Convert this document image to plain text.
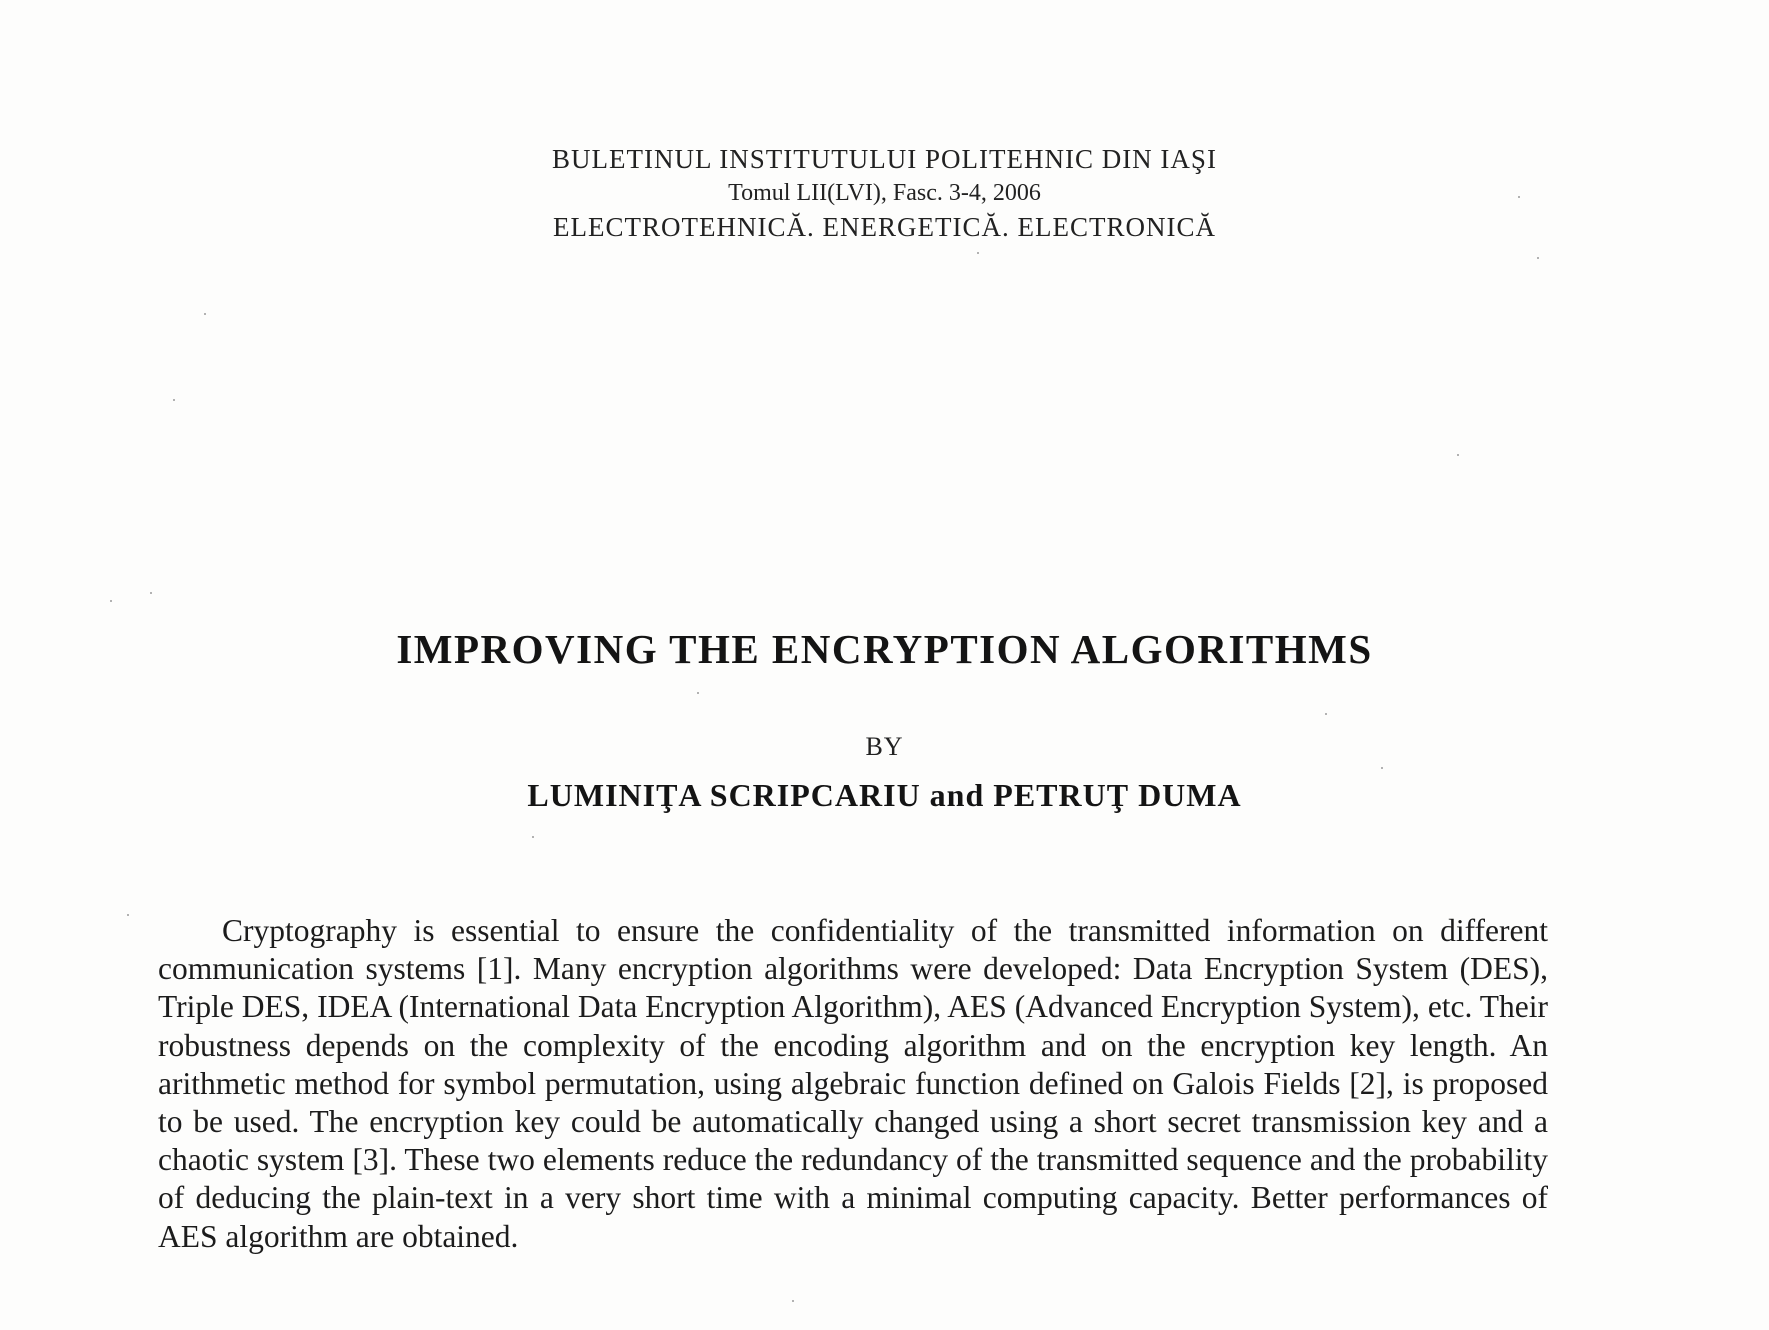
BULETINUL INSTITUTULUI POLITEHNIC DIN IAŞI
Tomul LII(LVI), Fasc. 3-4, 2006
ELECTROTEHNICĂ. ENERGETICĂ. ELECTRONICĂ
IMPROVING THE ENCRYPTION ALGORITHMS
BY
LUMINIŢA SCRIPCARIU and PETRUŢ DUMA

Cryptography is essential to ensure the confidentiality of the transmitted information on different communication systems [1]. Many encryption algorithms were developed: Data Encryption System (DES), Triple DES, IDEA (International Data Encryption Algorithm), AES (Advanced Encryption System), etc. Their robustness depends on the complexity of the encoding algorithm and on the encryption key length. An arithmetic method for symbol permutation, using algebraic function defined on Galois Fields [2], is proposed to be used. The encryption key could be automatically changed using a short secret transmission key and a chaotic system [3]. These two elements reduce the redundancy of the transmitted sequence and the probability of deducing the plain-text in a very short time with a minimal computing capacity. Better performances of AES algorithm are obtained.
